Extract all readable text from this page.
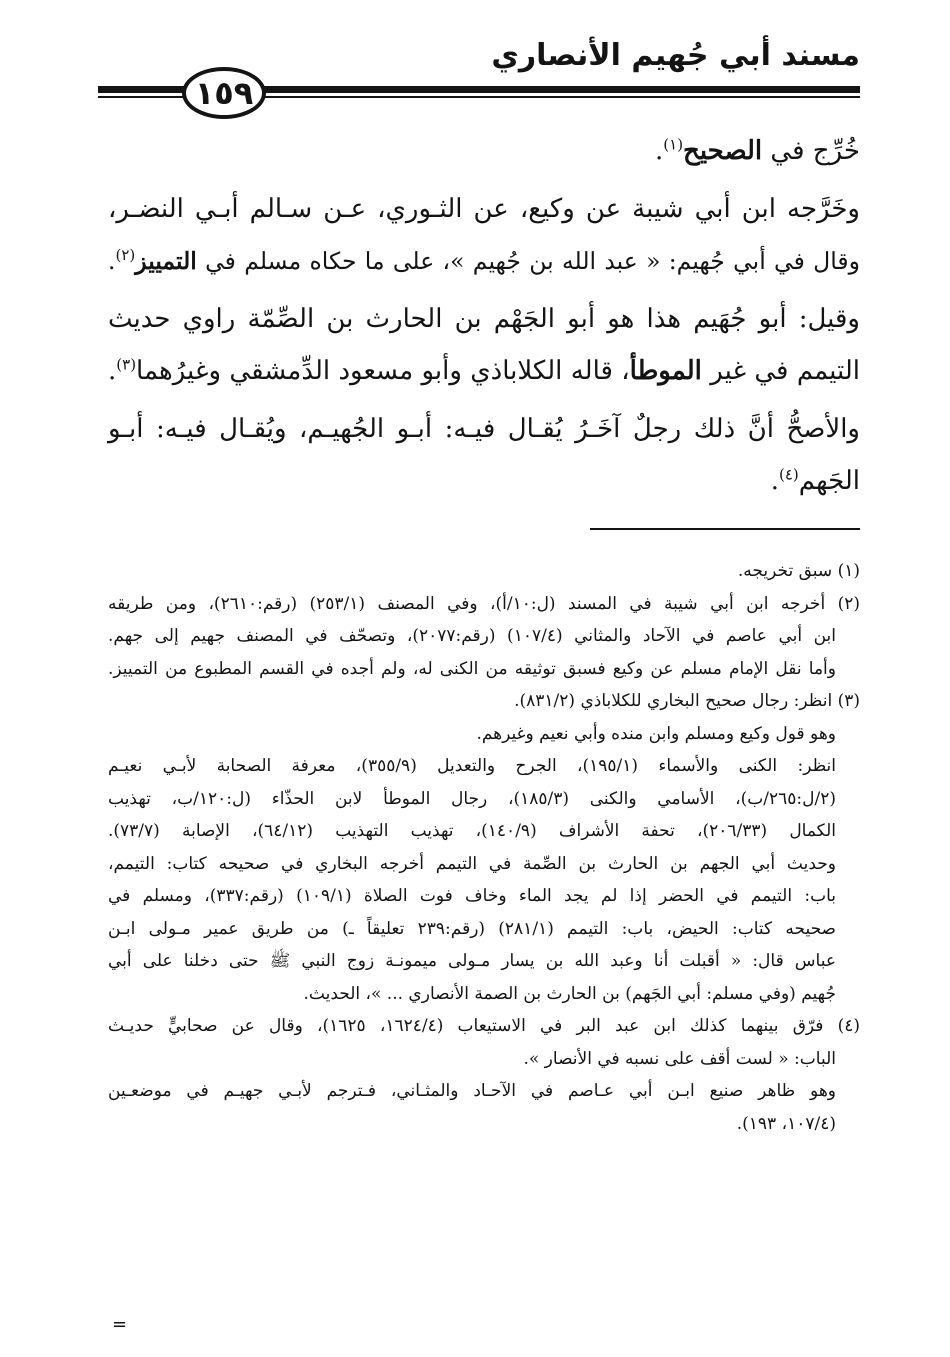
مسند أبي جُهيم الأنصاري
١٥٩

خُرِّج في الصحيح$^{(١)}$.

وخَرَّجه ابن أبي شيبة عن وكيع، عن الثـوري، عـن سـالم أبـي النضـر،

وقال في أبي جُهيم: « عبد الله بن جُهيم »، على ما حكاه مسلم في التمييز$^{(٢)}$.

وقيل: أبو جُهَيم هذا هو أبو الجَهْم بن الحارث بن الصِّمّة راوي حديث

التيمم في غير الموطأ، قاله الكلاباذي وأبو مسعود الدِّمشقي وغيرُهما$^{(٣)}$.

والأصحُّ أنَّ ذلك رجلٌ آخَـرُ يُقـال فيـه: أبـو الجُهيـم، ويُقـال فيـه: أبـو

الجَهم$^{(٤)}$.

(١) سبق تخريجه.

(٢) أخرجه ابن أبي شيبة في المسند (ل:١٠/أ)، وفي المصنف (٢٥٣/١) (رقم:٢٦١٠)، ومن طريقه

ابن أبي عاصم في الآحاد والمثاني (١٠٧/٤) (رقم:٢٠٧٧)، وتصحّف في المصنف جهيم إلى جهم.

وأما نقل الإمام مسلم عن وكيع فسبق توثيقه من الكنى له، ولم أجده في القسم المطبوع من التمييز.

(٣) انظر: رجال صحيح البخاري للكلاباذي (٨٣١/٢).

وهو قول وكيع ومسلم وابن منده وأبي نعيم وغيرهم.

انظر: الكنى والأسماء (١٩٥/١)، الجرح والتعديل (٣٥٥/٩)، معرفة الصحابة لأبـي نعيـم

(٢/ل:٢٦٥/ب)، الأسامي والكنى (١٨٥/٣)، رجال الموطأ لابن الحذّاء (ل:١٢٠/ب، تهذيب

الكمال (٢٠٦/٣٣)، تحفة الأشراف (١٤٠/٩)، تهذيب التهذيب (٦٤/١٢)، الإصابة (٧٣/٧).

وحديث أبي الجهم بن الحارث بن الصِّمة في التيمم أخرجه البخاري في صحيحه كتاب: التيمم،

باب: التيمم في الحضر إذا لم يجد الماء وخاف فوت الصلاة (١٠٩/١) (رقم:٣٣٧)، ومسلم في

صحيحه كتاب: الحيض، باب: التيمم (٢٨١/١) (رقم:٢٣٩ تعليقاً ـ) من طريق عمير مـولى ابـن

عباس قال: « أقبلت أنا وعبد الله بن يسار مـولى ميمونـة زوج النبي ﷺ حتى دخلنا على أبي

جُهيم (وفي مسلم: أبي الجَهم) بن الحارث بن الصمة الأنصاري ... »، الحديث.

(٤) فرّق بينهما كذلك ابن عبد البر في الاستيعاب (١٦٢٤/٤، ١٦٢٥)، وقال عن صحابيٍّ حديـث

الباب: « لست أقف على نسبه في الأنصار ».

وهو ظاهر صنيع ابـن أبي عـاصم في الآحـاد والمثـاني، فـترجم لأبـي جهيـم في موضعـين

(١٠٧/٤، ١٩٣).

=
